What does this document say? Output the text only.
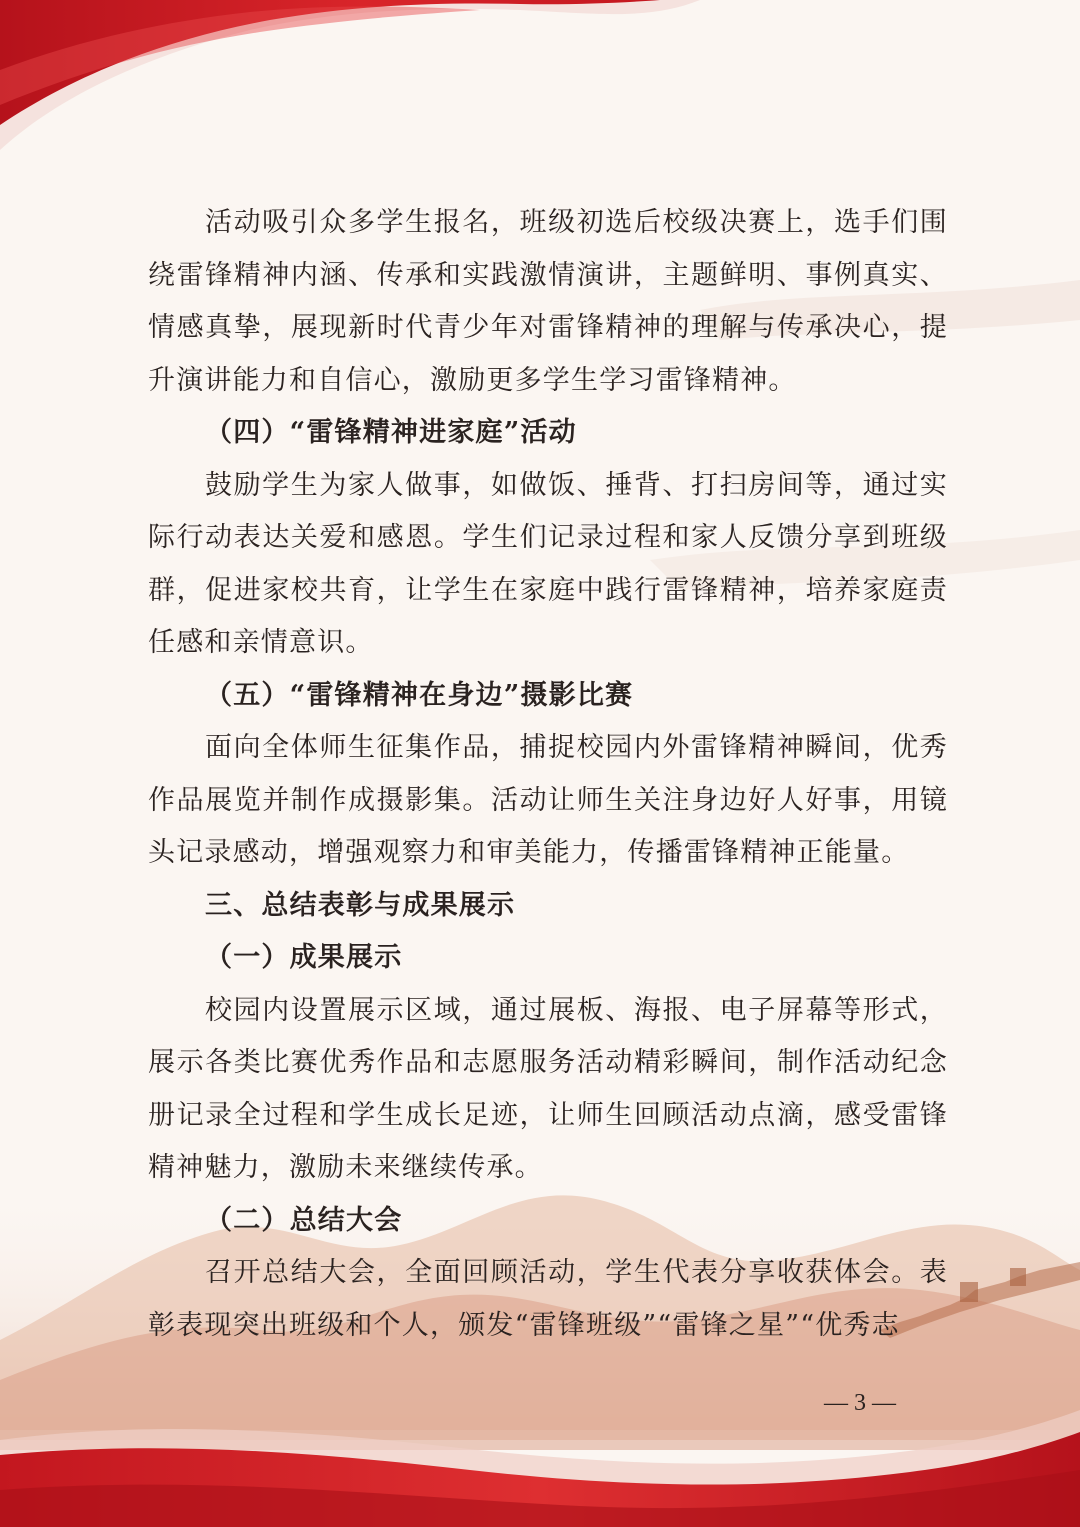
活动吸引众多学生报名，班级初选后校级决赛上，选手们围绕雷锋精神内涵、传承和实践激情演讲，主题鲜明、事例真实、情感真挚，展现新时代青少年对雷锋精神的理解与传承决心，提升演讲能力和自信心，激励更多学生学习雷锋精神。

（四）“雷锋精神进家庭”活动

鼓励学生为家人做事，如做饭、捶背、打扫房间等，通过实际行动表达关爱和感恩。学生们记录过程和家人反馈分享到班级群，促进家校共育，让学生在家庭中践行雷锋精神，培养家庭责任感和亲情意识。

（五）“雷锋精神在身边”摄影比赛

面向全体师生征集作品，捕捉校园内外雷锋精神瞬间，优秀作品展览并制作成摄影集。活动让师生关注身边好人好事，用镜头记录感动，增强观察力和审美能力，传播雷锋精神正能量。

三、总结表彰与成果展示

（一）成果展示

校园内设置展示区域，通过展板、海报、电子屏幕等形式，展示各类比赛优秀作品和志愿服务活动精彩瞬间，制作活动纪念册记录全过程和学生成长足迹，让师生回顾活动点滴，感受雷锋精神魅力，激励未来继续传承。

（二）总结大会

召开总结大会，全面回顾活动，学生代表分享收获体会。表彰表现突出班级和个人，颁发“雷锋班级”“雷锋之星”“优秀志

— 3 —
